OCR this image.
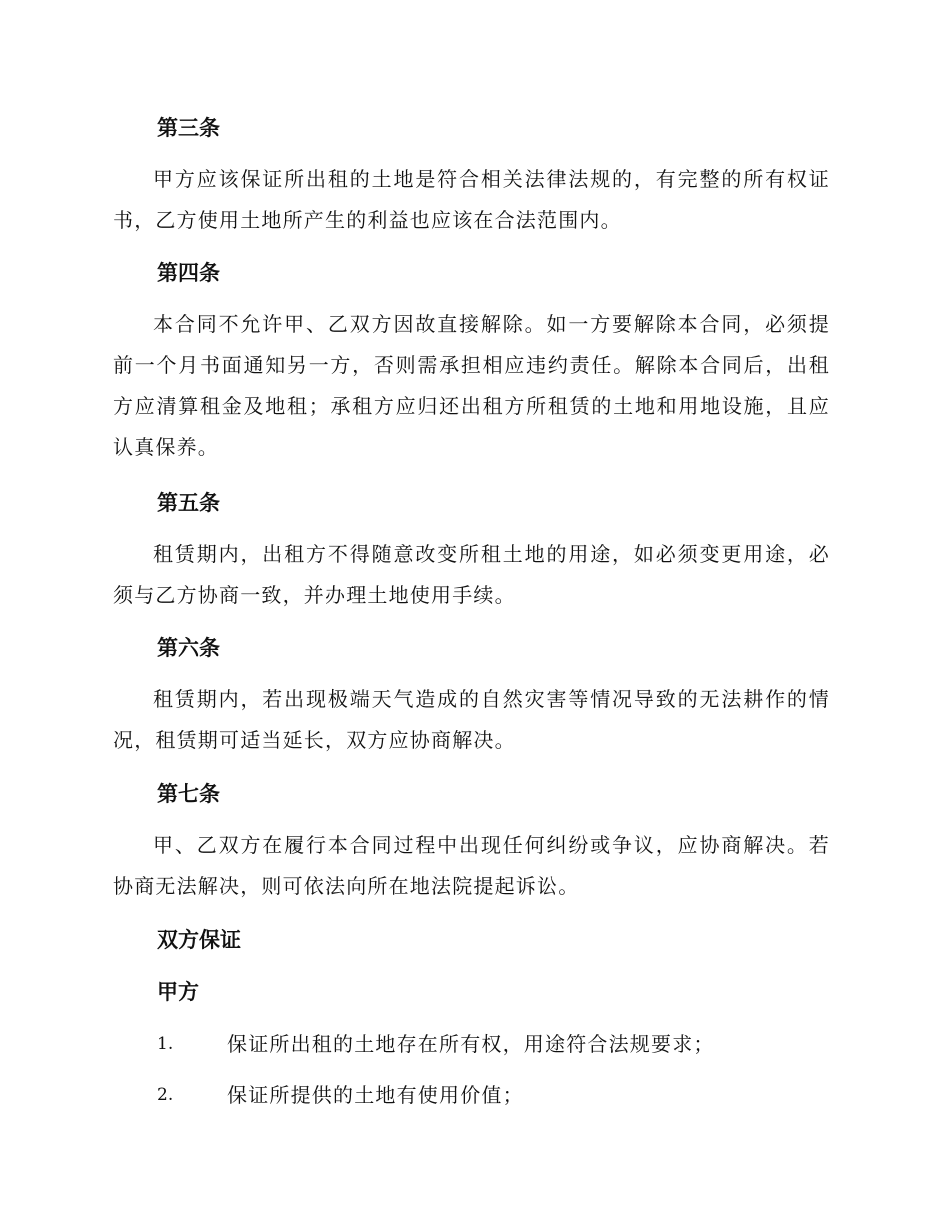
第三条
甲方应该保证所出租的土地是符合相关法律法规的，有完整的所有权证书，乙方使用土地所产生的利益也应该在合法范围内。
第四条
本合同不允许甲、乙双方因故直接解除。如一方要解除本合同，必须提前一个月书面通知另一方，否则需承担相应违约责任。解除本合同后，出租方应清算租金及地租；承租方应归还出租方所租赁的土地和用地设施，且应认真保养。
第五条
租赁期内，出租方不得随意改变所租土地的用途，如必须变更用途，必须与乙方协商一致，并办理土地使用手续。
第六条
租赁期内，若出现极端天气造成的自然灾害等情况导致的无法耕作的情况，租赁期可适当延长，双方应协商解决。
第七条
甲、乙双方在履行本合同过程中出现任何纠纷或争议，应协商解决。若协商无法解决，则可依法向所在地法院提起诉讼。
双方保证
甲方
1.	保证所出租的土地存在所有权，用途符合法规要求；
2.	保证所提供的土地有使用价值；
